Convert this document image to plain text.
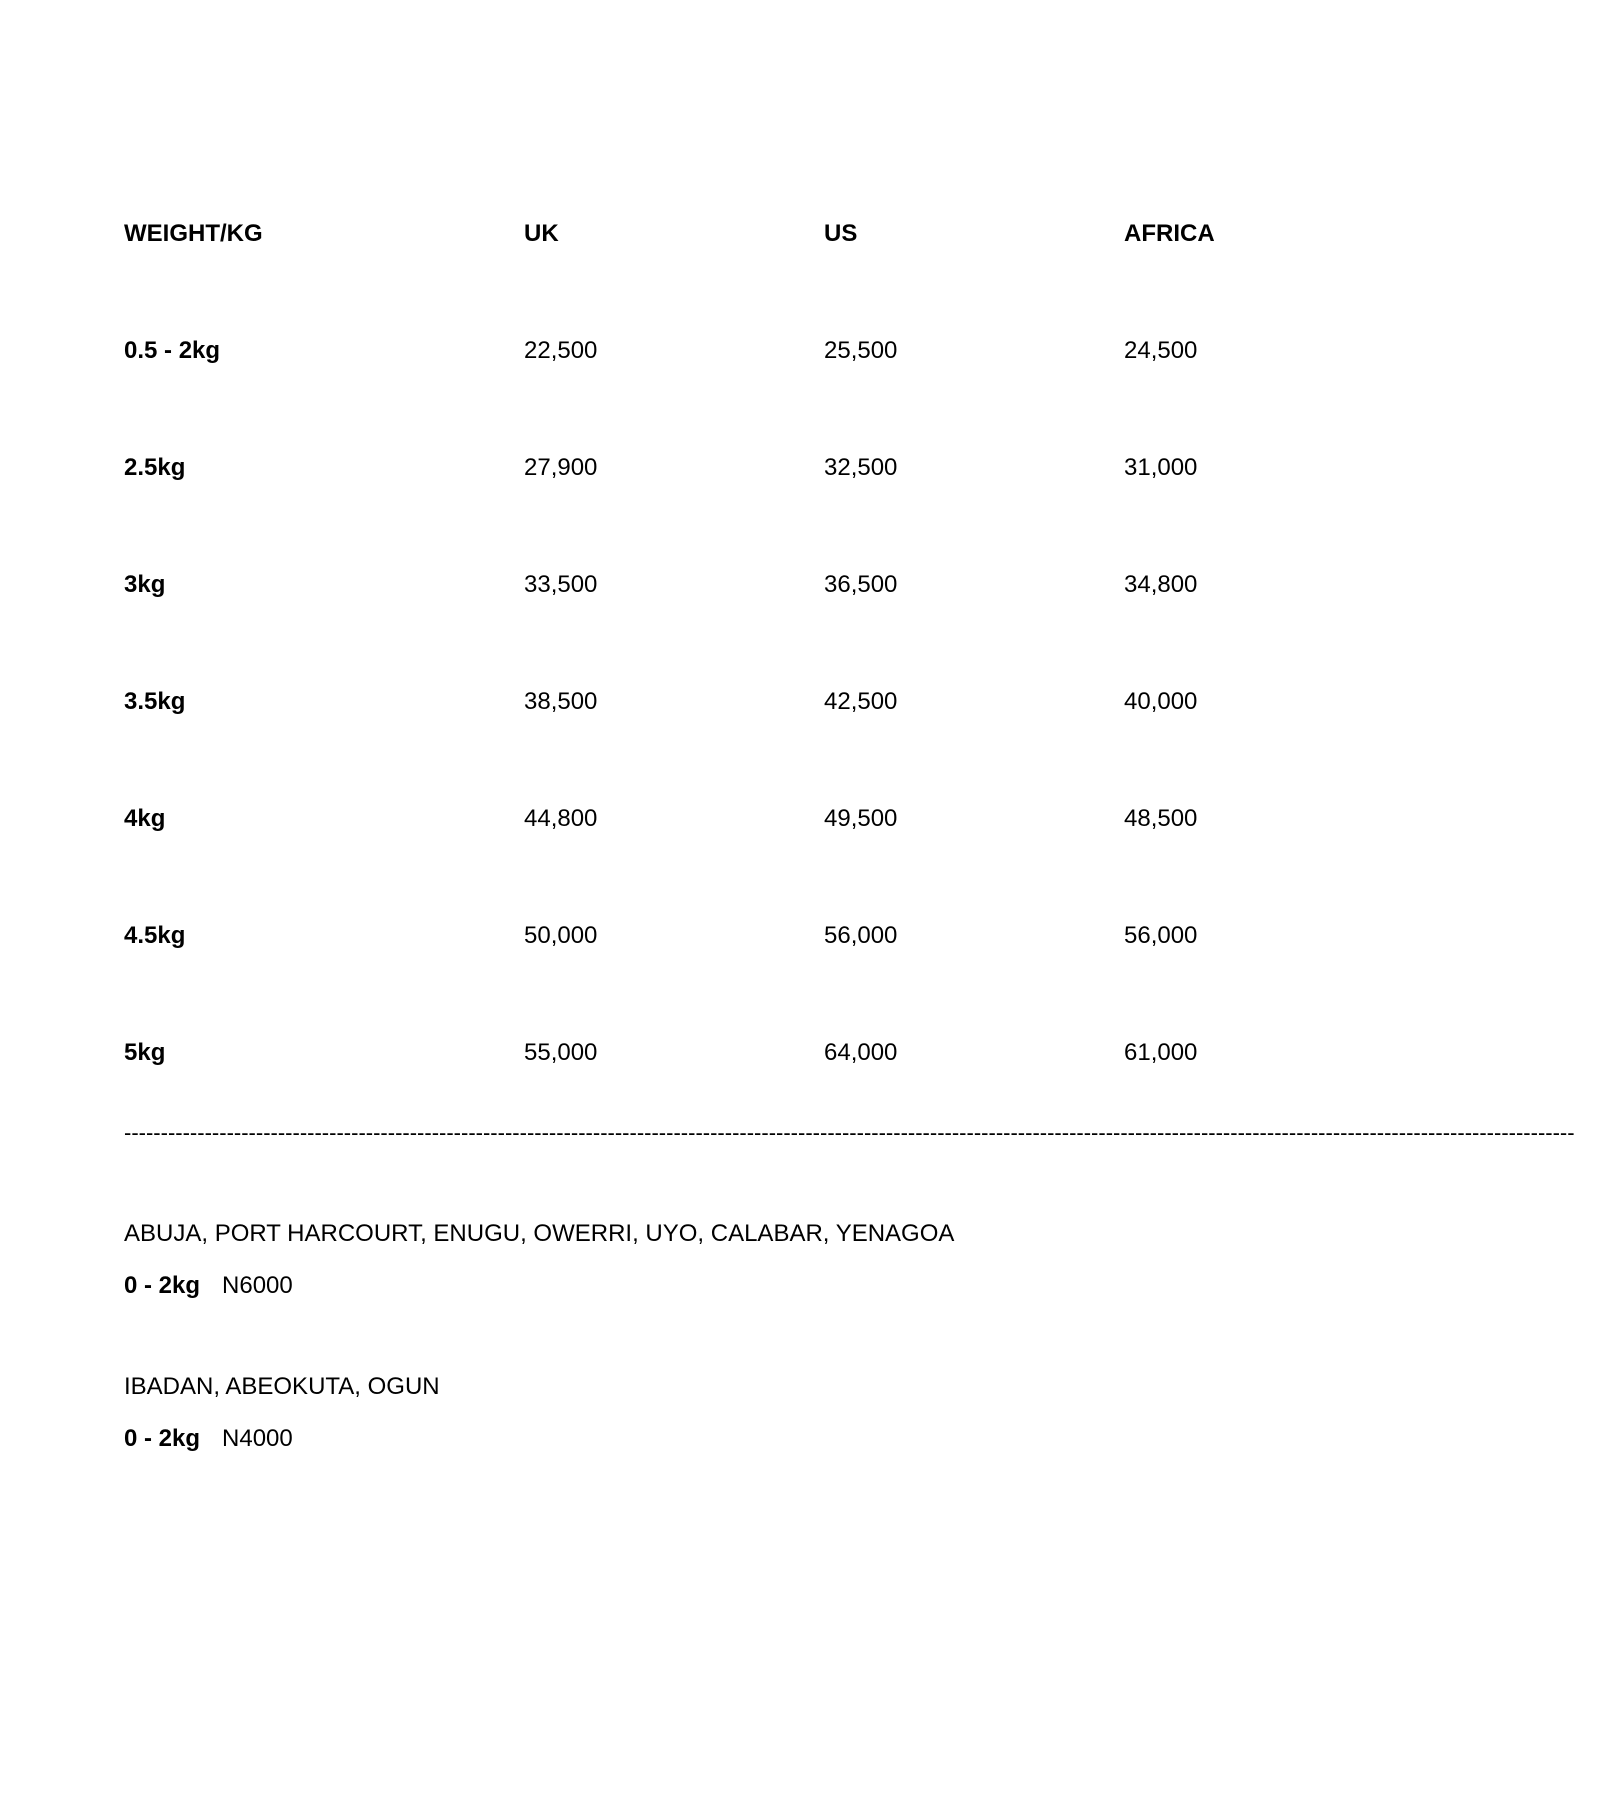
WEIGHT/KG	UK	US	AFRICA
0.5 - 2kg	22,500	25,500	24,500
2.5kg	27,900	32,500	31,000
3kg	33,500	36,500	34,800
3.5kg	38,500	42,500	40,000
4kg	44,800	49,500	48,500
4.5kg	50,000	56,000	56,000
5kg	55,000	64,000	61,000
------------------------------------------------------------------------------------------------------------------------------------------------------------------------------------------------------
ABUJA, PORT HARCOURT, ENUGU, OWERRI, UYO, CALABAR, YENAGOA
0 - 2kg N6000
IBADAN, ABEOKUTA, OGUN
0 - 2kg N4000
